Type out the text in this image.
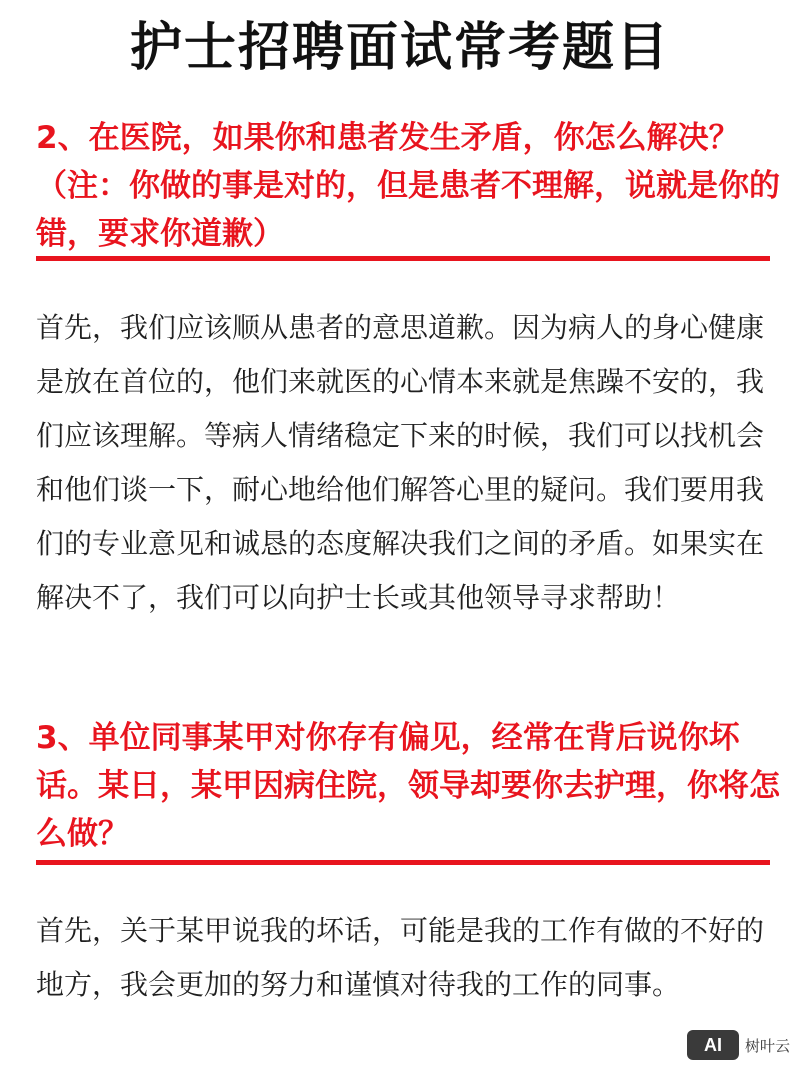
护士招聘面试常考题目
2、在医院，如果你和患者发生矛盾，你怎么解决？（注：你做的事是对的，但是患者不理解，说就是你的错，要求你道歉）
首先，我们应该顺从患者的意思道歉。因为病人的身心健康是放在首位的，他们来就医的心情本来就是焦躁不安的，我们应该理解。等病人情绪稳定下来的时候，我们可以找机会和他们谈一下，耐心地给他们解答心里的疑问。我们要用我们的专业意见和诚恳的态度解决我们之间的矛盾。如果实在解决不了，我们可以向护士长或其他领导寻求帮助！
3、单位同事某甲对你存有偏见，经常在背后说你坏话。某日，某甲因病住院，领导却要你去护理，你将怎么做？
首先，关于某甲说我的坏话，可能是我的工作有做的不好的地方，我会更加的努力和谨慎对待我的工作的同事。
AI	树叶云
